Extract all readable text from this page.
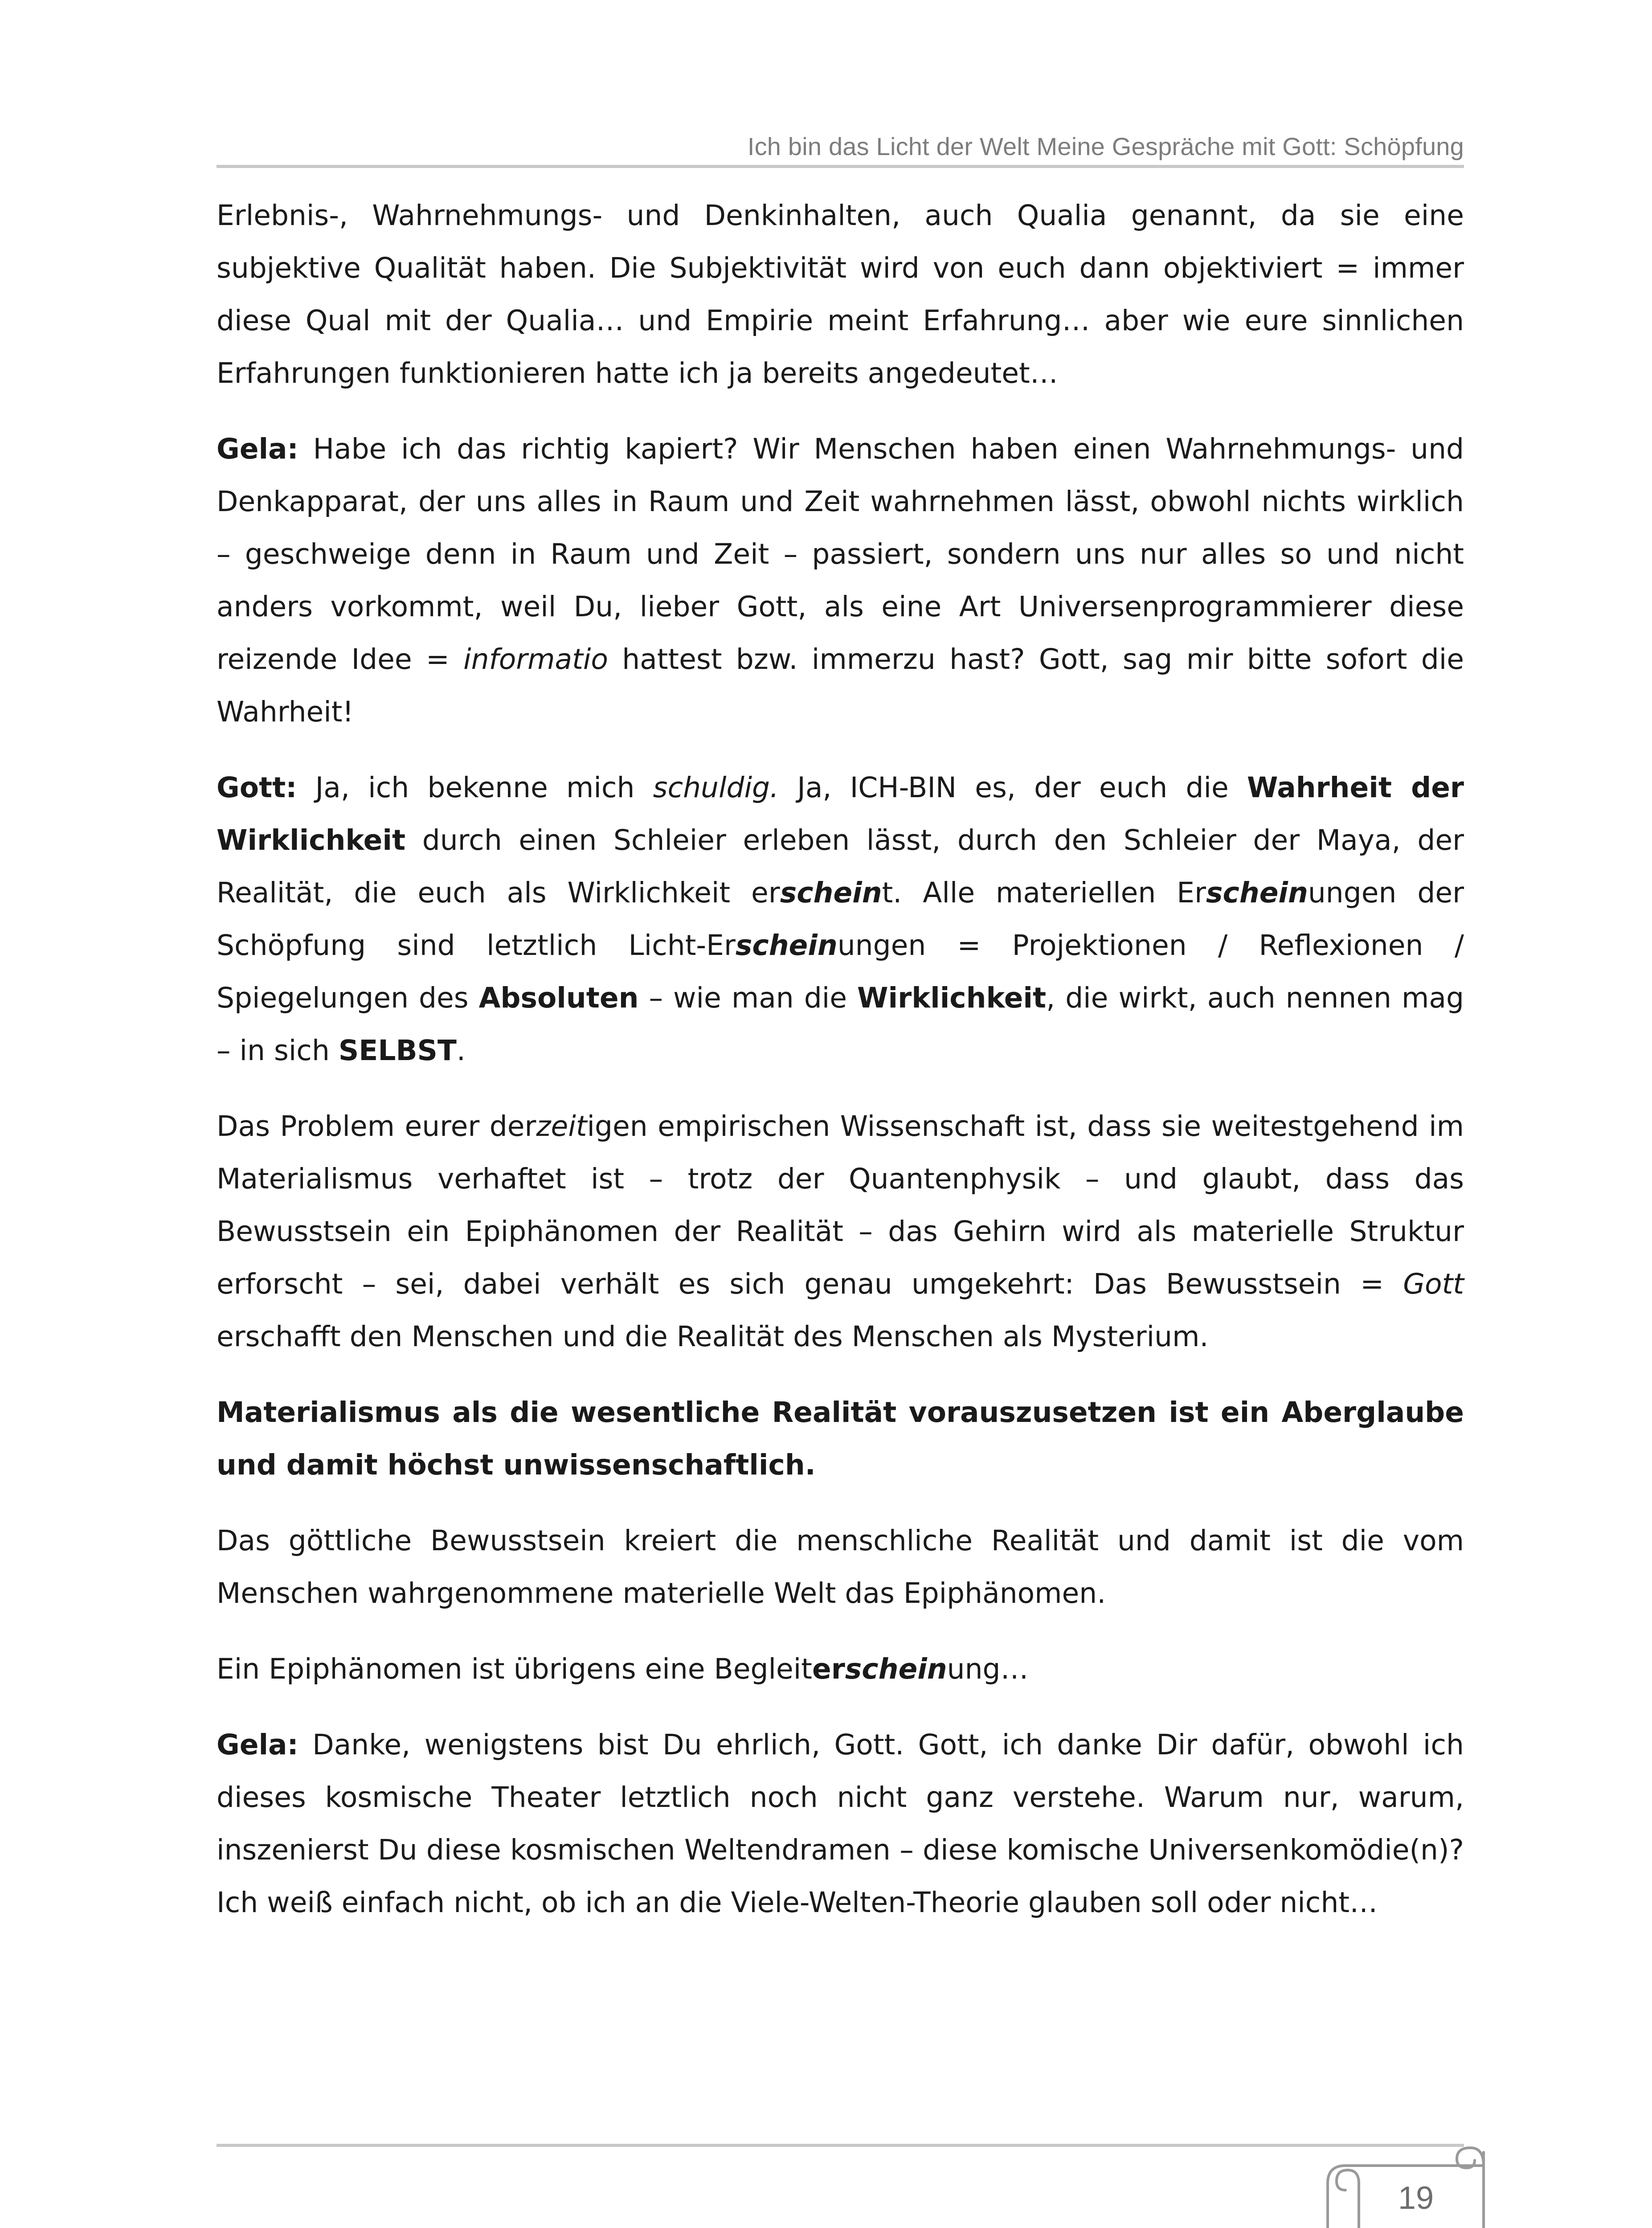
Ich bin das Licht der Welt Meine Gespräche mit Gott: Schöpfung

Erlebnis-, Wahrnehmungs- und Denkinhalten, auch Qualia genannt, da sie eine subjektive Qualität haben. Die Subjektivität wird von euch dann objektiviert = immer diese Qual mit der Qualia… und Empirie meint Erfahrung… aber wie eure sinnlichen Erfahrungen funktionieren hatte ich ja bereits angedeutet…

Gela: Habe ich das richtig kapiert? Wir Menschen haben einen Wahrnehmungs- und Denkapparat, der uns alles in Raum und Zeit wahrnehmen lässt, obwohl nichts wirklich – geschweige denn in Raum und Zeit – passiert, sondern uns nur alles so und nicht anders vorkommt, weil Du, lieber Gott, als eine Art Universenprogrammierer diese reizende Idee = informatio hattest bzw. immerzu hast? Gott, sag mir bitte sofort die Wahrheit!

Gott: Ja, ich bekenne mich schuldig. Ja, ICH-BIN es, der euch die Wahrheit der Wirklichkeit durch einen Schleier erleben lässt, durch den Schleier der Maya, der Realität, die euch als Wirklichkeit erscheint. Alle materiellen Erscheinungen der Schöpfung sind letztlich Licht-Erscheinungen = Projektionen / Reflexionen / Spiegelungen des Absoluten – wie man die Wirklichkeit, die wirkt, auch nennen mag – in sich SELBST.

Das Problem eurer derzeitigen empirischen Wissenschaft ist, dass sie weitestgehend im Materialismus verhaftet ist – trotz der Quantenphysik – und glaubt, dass das Bewusstsein ein Epiphänomen der Realität – das Gehirn wird als materielle Struktur erforscht – sei, dabei verhält es sich genau umgekehrt: Das Bewusstsein = Gott erschafft den Menschen und die Realität des Menschen als Mysterium.

Materialismus als die wesentliche Realität vorauszusetzen ist ein Aberglaube und damit höchst unwissenschaftlich.

Das göttliche Bewusstsein kreiert die menschliche Realität und damit ist die vom Menschen wahrgenommene materielle Welt das Epiphänomen.

Ein Epiphänomen ist übrigens eine Begleiterscheinung…

Gela: Danke, wenigstens bist Du ehrlich, Gott. Gott, ich danke Dir dafür, obwohl ich dieses kosmische Theater letztlich noch nicht ganz verstehe. Warum nur, warum, inszenierst Du diese kosmischen Weltendramen – diese komische Universenkomödie(n)? Ich weiß einfach nicht, ob ich an die Viele-Welten-Theorie glauben soll oder nicht…

19
